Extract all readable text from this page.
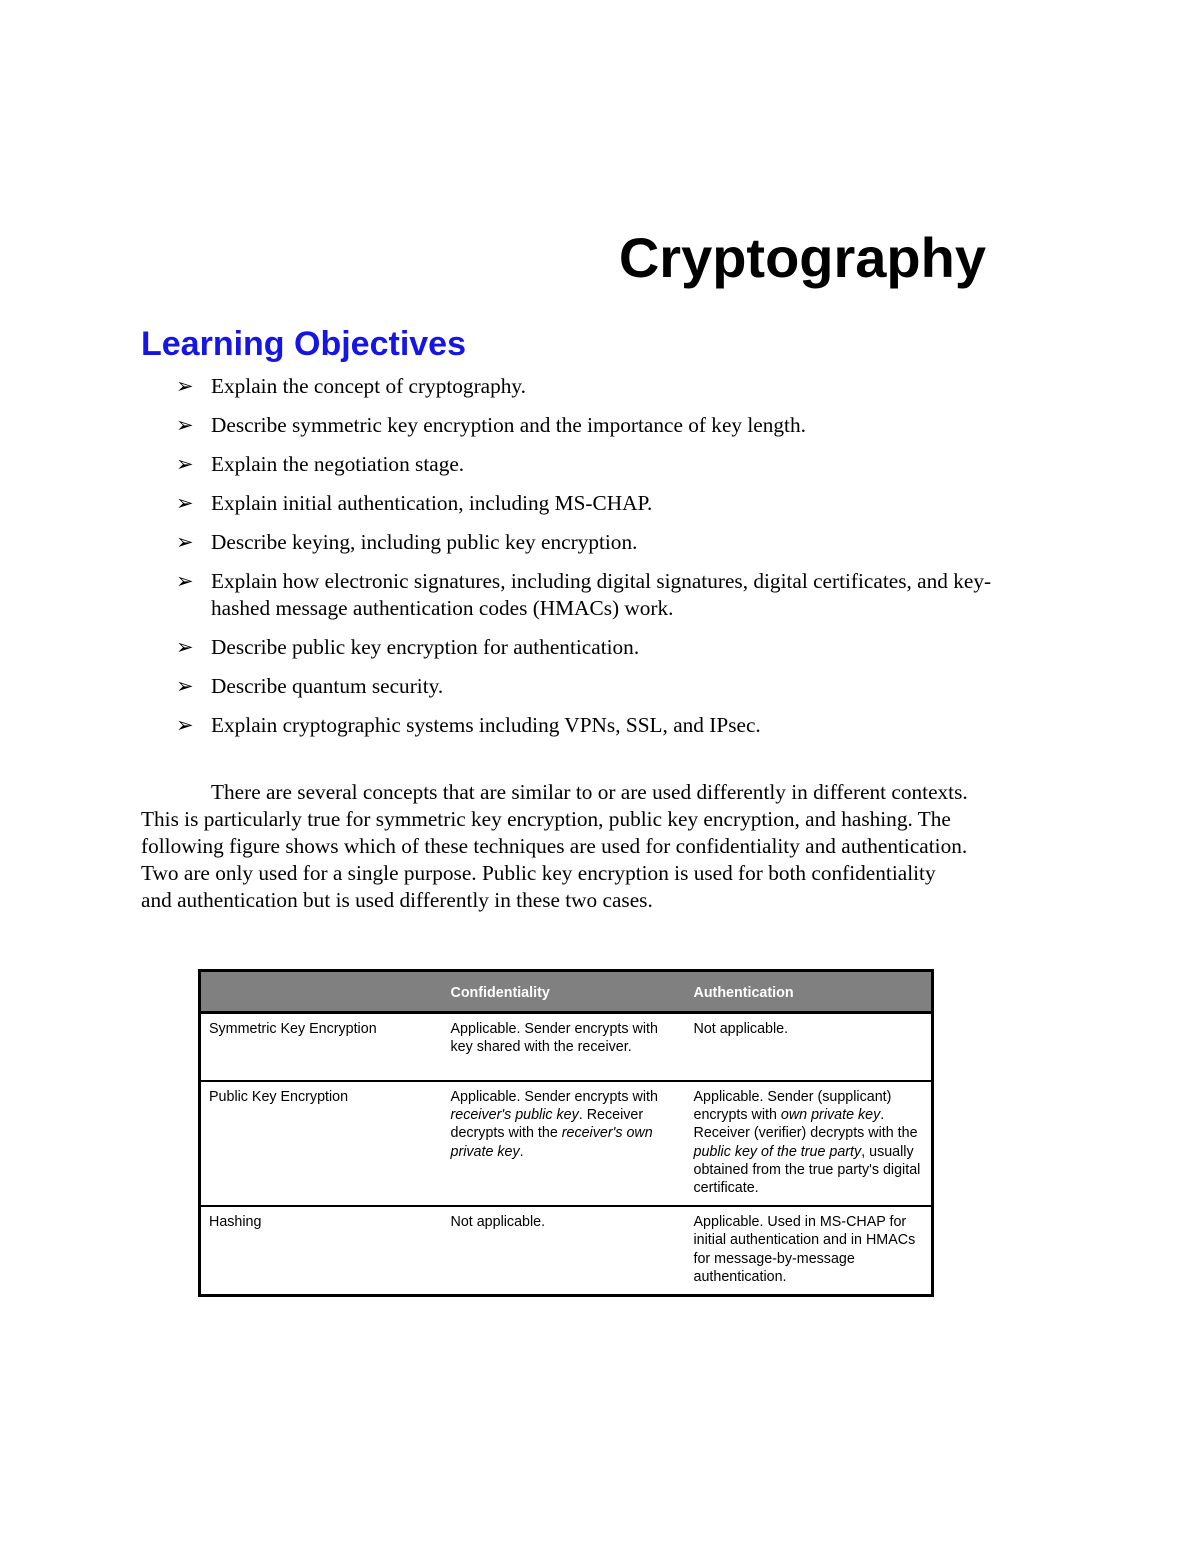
Cryptography
Learning Objectives
➢ Explain the concept of cryptography.
➢ Describe symmetric key encryption and the importance of key length.
➢ Explain the negotiation stage.
➢ Explain initial authentication, including MS-CHAP.
➢ Describe keying, including public key encryption.
➢ Explain how electronic signatures, including digital signatures, digital certificates, and key-hashed message authentication codes (HMACs) work.
➢ Describe public key encryption for authentication.
➢ Describe quantum security.
➢ Explain cryptographic systems including VPNs, SSL, and IPsec.

There are several concepts that are similar to or are used differently in different contexts. This is particularly true for symmetric key encryption, public key encryption, and hashing. The following figure shows which of these techniques are used for confidentiality and authentication. Two are only used for a single purpose. Public key encryption is used for both confidentiality and authentication but is used differently in these two cases.

	Confidentiality	Authentication
Symmetric Key Encryption	Applicable. Sender encrypts with key shared with the receiver.	Not applicable.
Public Key Encryption	Applicable. Sender encrypts with receiver's public key. Receiver decrypts with the receiver's own private key.	Applicable. Sender (supplicant) encrypts with own private key. Receiver (verifier) decrypts with the public key of the true party, usually obtained from the true party's digital certificate.
Hashing	Not applicable.	Applicable. Used in MS-CHAP for initial authentication and in HMACs for message-by-message authentication.
